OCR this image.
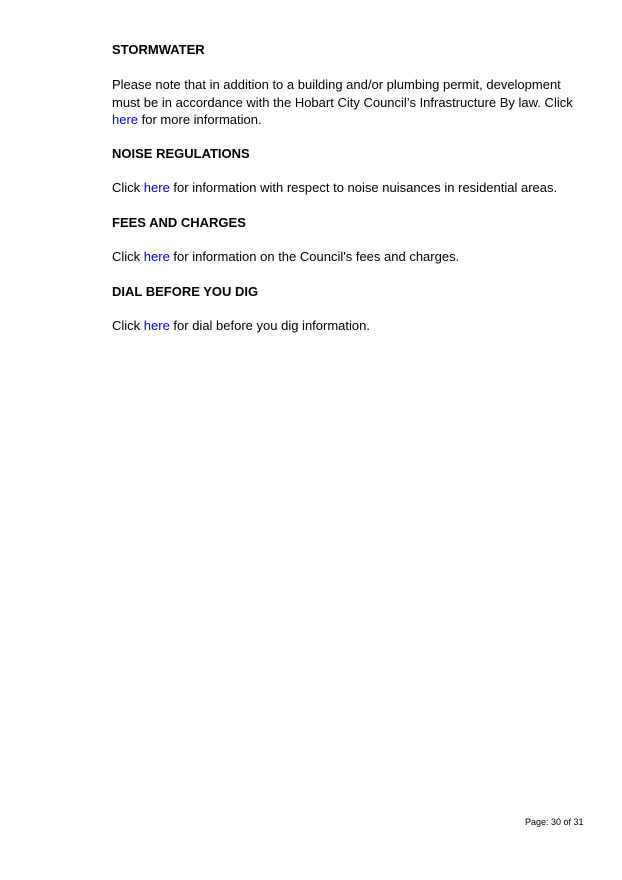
STORMWATER

Please note that in addition to a building and/or plumbing permit, development must be in accordance with the Hobart City Council’s Infrastructure By law. Click here for more information.

NOISE REGULATIONS

Click here for information with respect to noise nuisances in residential areas.

FEES AND CHARGES

Click here for information on the Council's fees and charges.

DIAL BEFORE YOU DIG

Click here for dial before you dig information.

Page: 30 of 31
